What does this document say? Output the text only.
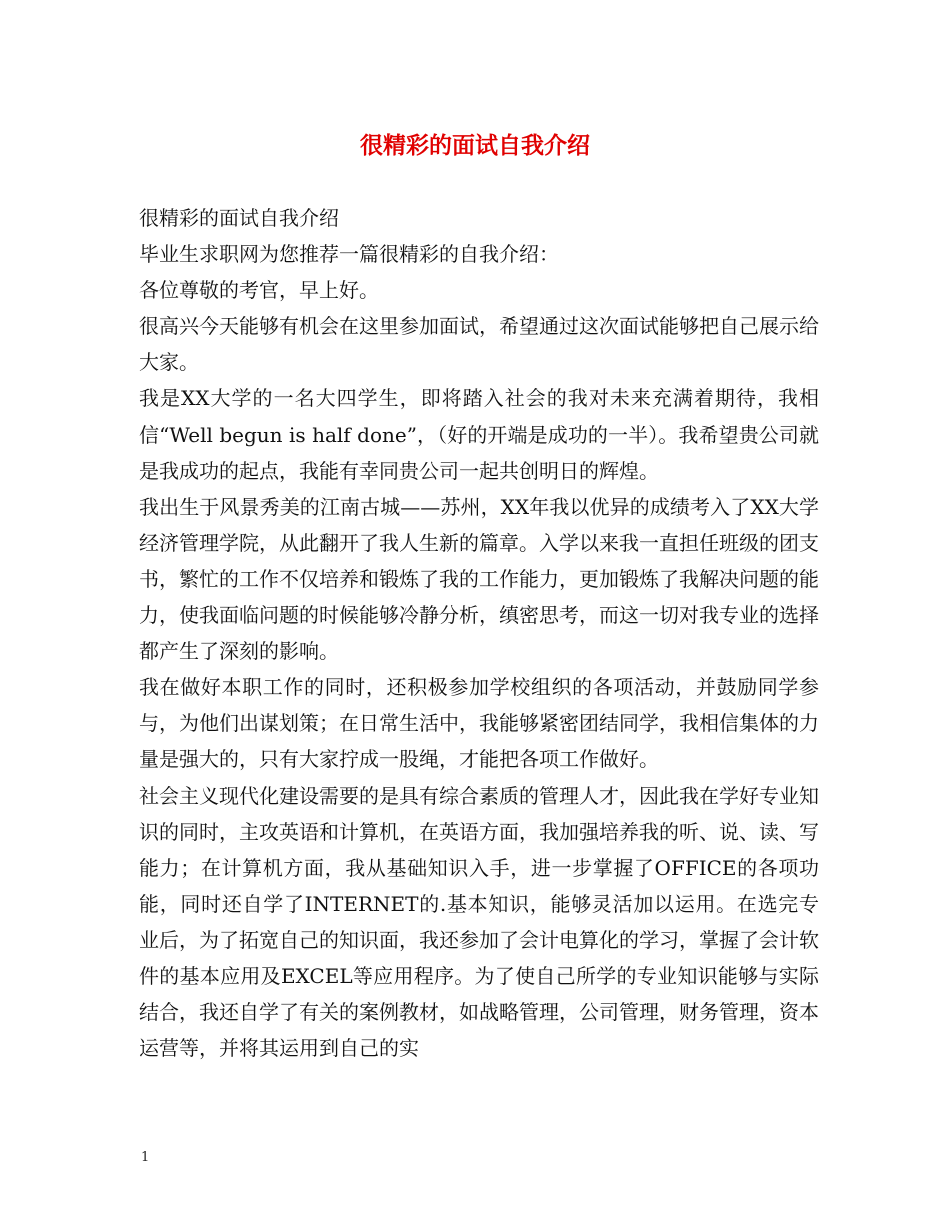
很精彩的面试自我介绍

很精彩的面试自我介绍

毕业生求职网为您推荐一篇很精彩的自我介绍：

各位尊敬的考官，早上好。

很高兴今天能够有机会在这里参加面试，希望通过这次面试能够把自己展示给大家。

我是XX大学的一名大四学生，即将踏入社会的我对未来充满着期待，我相信“Well begun is half done”，（好的开端是成功的一半）。我希望贵公司就是我成功的起点，我能有幸同贵公司一起共创明日的辉煌。

我出生于风景秀美的江南古城——苏州，XX年我以优异的成绩考入了XX大学经济管理学院，从此翻开了我人生新的篇章。入学以来我一直担任班级的团支书，繁忙的工作不仅培养和锻炼了我的工作能力，更加锻炼了我解决问题的能力，使我面临问题的时候能够冷静分析，缜密思考，而这一切对我专业的选择都产生了深刻的影响。

我在做好本职工作的同时，还积极参加学校组织的各项活动，并鼓励同学参与，为他们出谋划策；在日常生活中，我能够紧密团结同学，我相信集体的力量是强大的，只有大家拧成一股绳，才能把各项工作做好。

社会主义现代化建设需要的是具有综合素质的管理人才，因此我在学好专业知识的同时，主攻英语和计算机，在英语方面，我加强培养我的听、说、读、写能力；在计算机方面，我从基础知识入手，进一步掌握了OFFICE的各项功能，同时还自学了INTERNET的.基本知识，能够灵活加以运用。在选完专业后，为了拓宽自己的知识面，我还参加了会计电算化的学习，掌握了会计软件的基本应用及EXCEL等应用程序。为了使自己所学的专业知识能够与实际结合，我还自学了有关的案例教材，如战略管理，公司管理，财务管理，资本运营等，并将其运用到自己的实

1
